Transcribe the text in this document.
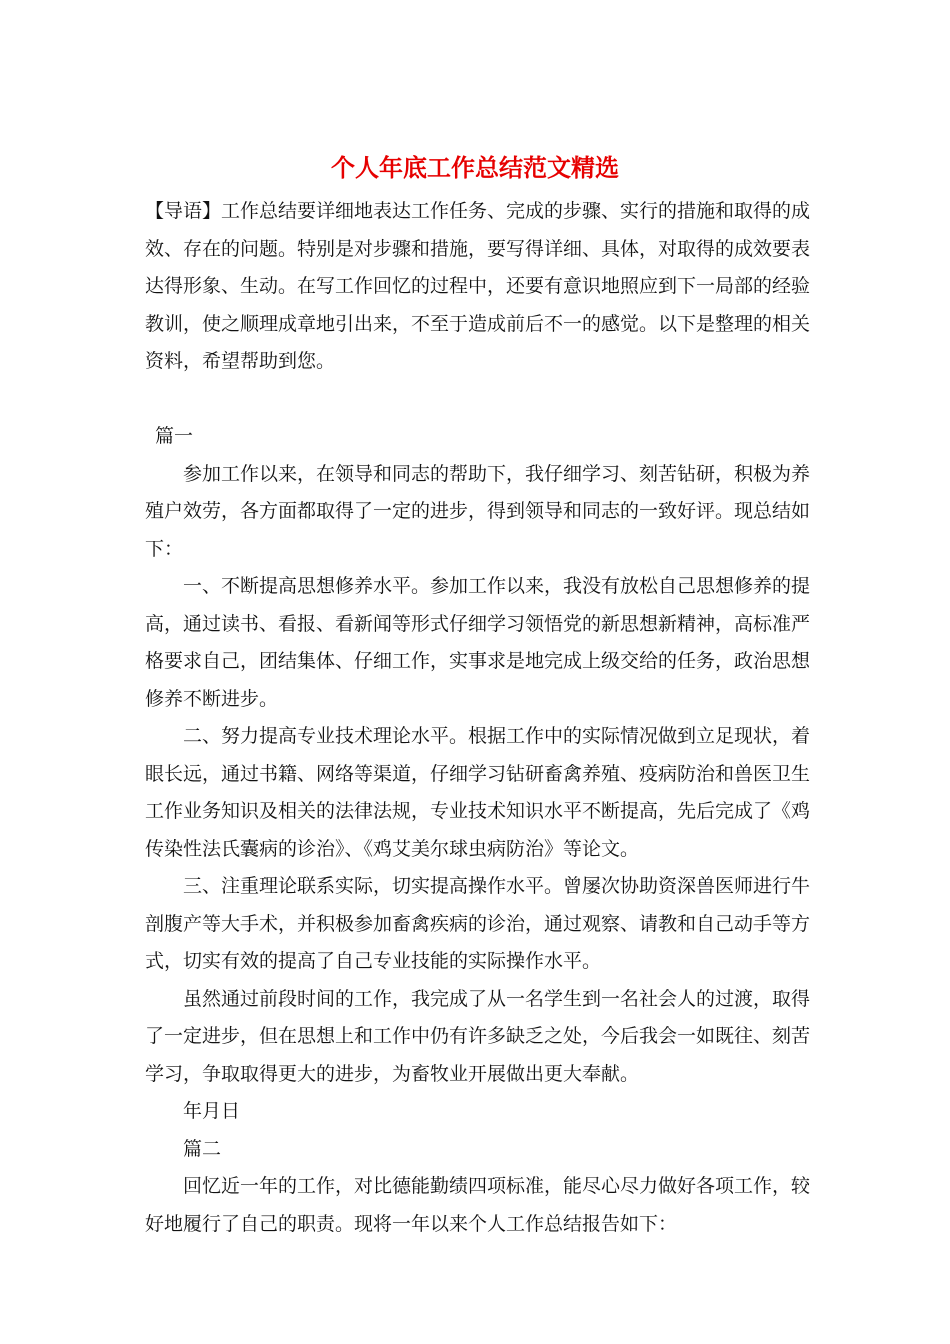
个人年底工作总结范文精选

【导语】工作总结要详细地表达工作任务、完成的步骤、实行的措施和取得的成效、存在的问题。特别是对步骤和措施，要写得详细、具体，对取得的成效要表达得形象、生动。在写工作回忆的过程中，还要有意识地照应到下一局部的经验教训，使之顺理成章地引出来，不至于造成前后不一的感觉。以下是整理的相关资料，希望帮助到您。

篇一

参加工作以来，在领导和同志的帮助下，我仔细学习、刻苦钻研，积极为养殖户效劳，各方面都取得了一定的进步，得到领导和同志的一致好评。现总结如下：

一、不断提高思想修养水平。参加工作以来，我没有放松自己思想修养的提高，通过读书、看报、看新闻等形式仔细学习领悟党的新思想新精神，高标准严格要求自己，团结集体、仔细工作，实事求是地完成上级交给的任务，政治思想修养不断进步。

二、努力提高专业技术理论水平。根据工作中的实际情况做到立足现状，着眼长远，通过书籍、网络等渠道，仔细学习钻研畜禽养殖、疫病防治和兽医卫生工作业务知识及相关的法律法规，专业技术知识水平不断提高，先后完成了《鸡传染性法氏囊病的诊治》、《鸡艾美尔球虫病防治》等论文。

三、注重理论联系实际，切实提高操作水平。曾屡次协助资深兽医师进行牛剖腹产等大手术，并积极参加畜禽疾病的诊治，通过观察、请教和自己动手等方式，切实有效的提高了自己专业技能的实际操作水平。

虽然通过前段时间的工作，我完成了从一名学生到一名社会人的过渡，取得了一定进步，但在思想上和工作中仍有许多缺乏之处，今后我会一如既往、刻苦学习，争取取得更大的进步，为畜牧业开展做出更大奉献。

年月日

篇二

回忆近一年的工作，对比德能勤绩四项标准，能尽心尽力做好各项工作，较好地履行了自己的职责。现将一年以来个人工作总结报告如下：
